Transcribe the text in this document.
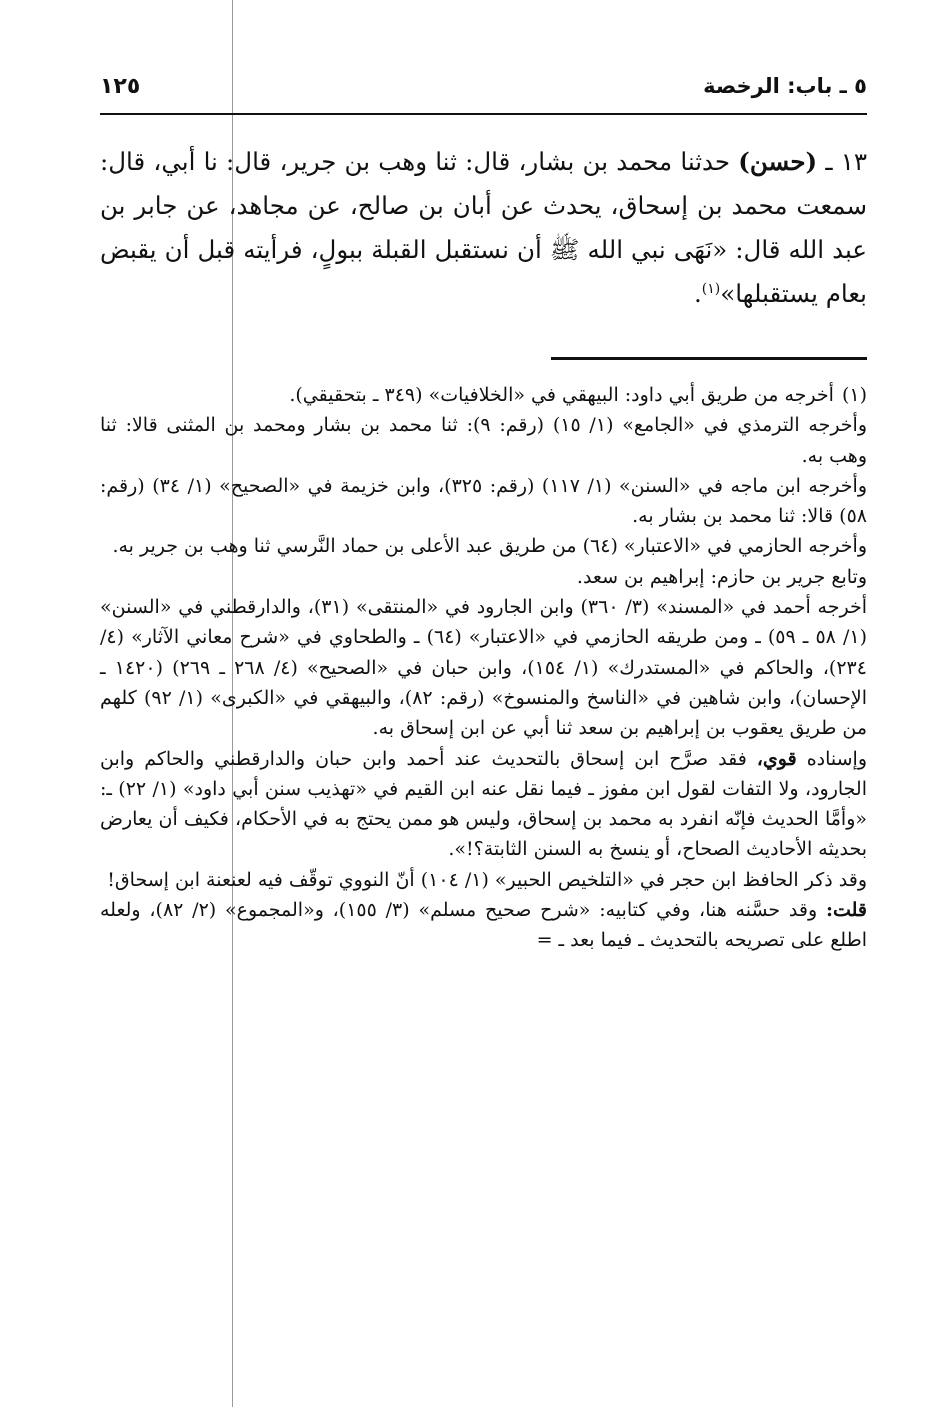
٥ ـ باب: الرخصة
١٢٥
١٣ ـ (حسن) حدثنا محمد بن بشار، قال: ثنا وهب بن جرير، قال: نا أبي، قال: سمعت محمد بن إسحاق، يحدث عن أبان بن صالح، عن مجاهد، عن جابر بن عبد الله قال: «نَهَى نبي الله ﷺ أن نستقبل القبلة ببولٍ، فرأيته قبل أن يقبض بعام يستقبلها»$^{(١)}$.

(١)
أخرجه من طريق أبي داود: البيهقي في «الخلافيات» (٣٤٩ ـ بتحقيقي).

وأخرجه الترمذي في «الجامع» (١/ ١٥) (رقم: ٩): ثنا محمد بن بشار ومحمد بن المثنى قالا: ثنا وهب به.

وأخرجه ابن ماجه في «السنن» (١/ ١١٧) (رقم: ٣٢٥)، وابن خزيمة في «الصحيح» (١/ ٣٤) (رقم: ٥٨) قالا: ثنا محمد بن بشار به.

وأخرجه الحازمي في «الاعتبار» (٦٤) من طريق عبد الأعلى بن حماد النَّرسي ثنا وهب بن جرير به.

وتابع جرير بن حازم: إبراهيم بن سعد.

أخرجه أحمد في «المسند» (٣/ ٣٦٠) وابن الجارود في «المنتقى» (٣١)، والدارقطني في «السنن» (١/ ٥٨ ـ ٥٩) ـ ومن طريقه الحازمي في «الاعتبار» (٦٤) ـ والطحاوي في «شرح معاني الآثار» (٤/ ٢٣٤)، والحاكم في «المستدرك» (١/ ١٥٤)، وابن حبان في «الصحيح» (٤/ ٢٦٨ ـ ٢٦٩) (١٤٢٠ ـ الإحسان)، وابن شاهين في «الناسخ والمنسوخ» (رقم: ٨٢)، والبيهقي في «الكبرى» (١/ ٩٢) كلهم من طريق يعقوب بن إبراهيم بن سعد ثنا أبي عن ابن إسحاق به.

وإسناده قوي، فقد صرَّح ابن إسحاق بالتحديث عند أحمد وابن حبان والدارقطني والحاكم وابن الجارود، ولا التفات لقول ابن مفوز ـ فيما نقل عنه ابن القيم في «تهذيب سنن أبي داود» (١/ ٢٢) ـ: «وأمَّا الحديث فإنّه انفرد به محمد بن إسحاق، وليس هو ممن يحتج به في الأحكام، فكيف أن يعارض بحديثه الأحاديث الصحاح، أو ينسخ به السنن الثابتة؟!».

وقد ذكر الحافظ ابن حجر في «التلخيص الحبير» (١/ ١٠٤) أنّ النووي توقّف فيه لعنعنة ابن إسحاق!

قلت: وقد حسَّنه هنا، وفي كتابيه: «شرح صحيح مسلم» (٣/ ١٥٥)، و«المجموع» (٢/ ٨٢)، ولعله اطلع على تصريحه بالتحديث ـ فيما بعد ـ =
